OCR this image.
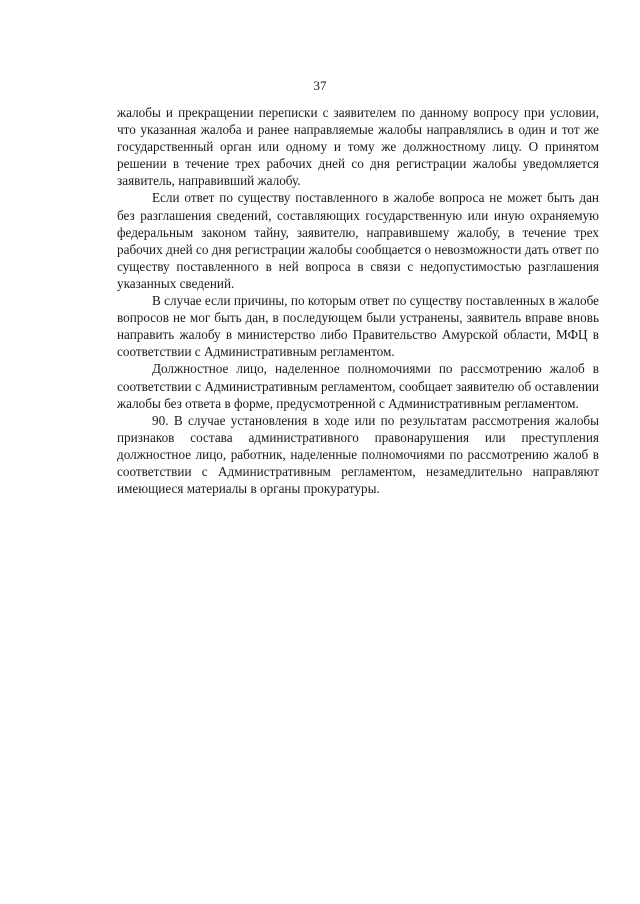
37

жалобы и прекращении переписки с заявителем по данному вопросу при условии, что указанная жалоба и ранее направляемые жалобы направлялись в один и тот же государственный орган или одному и тому же должностному лицу. О принятом решении в течение трех рабочих дней со дня регистрации жалобы уведомляется заявитель, направивший жалобу.

Если ответ по существу поставленного в жалобе вопроса не может быть дан без разглашения сведений, составляющих государственную или иную охраняемую федеральным законом тайну, заявителю, направившему жалобу, в течение трех рабочих дней со дня регистрации жалобы сообщается о невозможности дать ответ по существу поставленного в ней вопроса в связи с недопустимостью разглашения указанных сведений.

В случае если причины, по которым ответ по существу поставленных в жалобе вопросов не мог быть дан, в последующем были устранены, заявитель вправе вновь направить жалобу в министерство либо Правительство Амурской области, МФЦ в соответствии с Административным регламентом.

Должностное лицо, наделенное полномочиями по рассмотрению жалоб в соответствии с Административным регламентом, сообщает заявителю об оставлении жалобы без ответа в форме, предусмотренной с Административным регламентом.

90. В случае установления в ходе или по результатам рассмотрения жалобы признаков состава административного правонарушения или преступления должностное лицо, работник, наделенные полномочиями по рассмотрению жалоб в соответствии с Административным регламентом, незамедлительно направляют имеющиеся материалы в органы прокуратуры.
